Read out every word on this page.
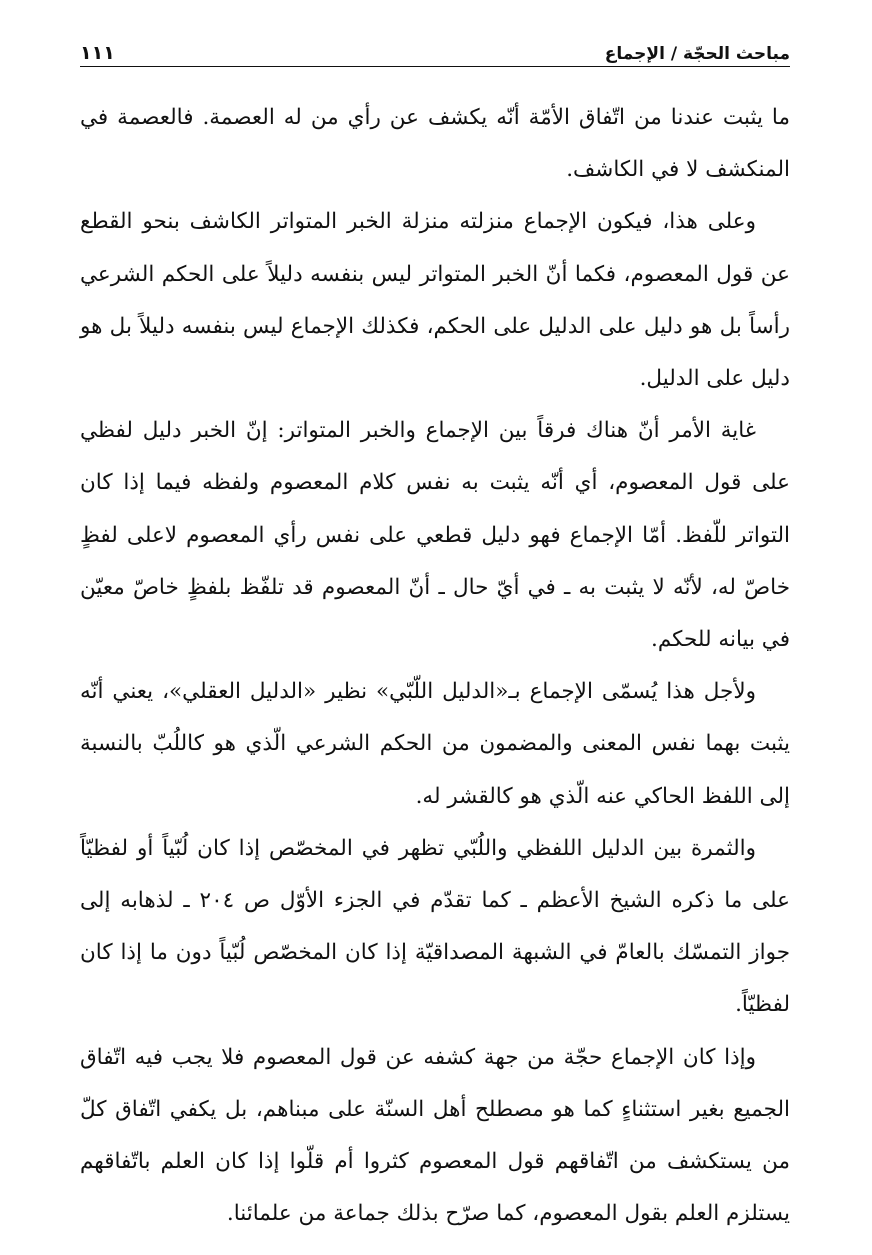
مباحث الحجّة / الإجماع
١١١

ما يثبت عندنا من اتّفاق الأمّة أنّه يكشف عن رأي من له العصمة. فالعصمة في المنكشف لا في الكاشف.

وعلى هذا، فيكون الإجماع منزلته منزلة الخبر المتواتر الكاشف بنحو القطع عن قول المعصوم، فكما أنّ الخبر المتواتر ليس بنفسه دليلاً على الحكم الشرعي رأساً بل هو دليل على الدليل على الحكم، فكذلك الإجماع ليس بنفسه دليلاً بل هو دليل على الدليل.

غاية الأمر أنّ هناك فرقاً بين الإجماع والخبر المتواتر: إنّ الخبر دليل لفظي على قول المعصوم، أي أنّه يثبت به نفس كلام المعصوم ولفظه فيما إذا كان التواتر للّفظ. أمّا الإجماع فهو دليل قطعي على نفس رأي المعصوم لاعلى لفظٍ خاصّ له، لأنّه لا يثبت به ـ في أيّ حال ـ أنّ المعصوم قد تلفّظ بلفظٍ خاصّ معيّن في بيانه للحكم.

ولأجل هذا يُسمّى الإجماع بـ«الدليل اللّبّي» نظير «الدليل العقلي»، يعني أنّه يثبت بهما نفس المعنى والمضمون من الحكم الشرعي الّذي هو كاللُبّ بالنسبة إلى اللفظ الحاكي عنه الّذي هو كالقشر له.

والثمرة بين الدليل اللفظي واللُبّي تظهر في المخصّص إذا كان لُبّياً أو لفظيّاً على ما ذكره الشيخ الأعظم ـ كما تقدّم في الجزء الأوّل ص ٢٠٤ ـ لذهابه إلى جواز التمسّك بالعامّ في الشبهة المصداقيّة إذا كان المخصّص لُبّياً دون ما إذا كان لفظيّاً.

وإذا كان الإجماع حجّة من جهة كشفه عن قول المعصوم فلا يجب فيه اتّفاق الجميع بغير استثناءٍ كما هو مصطلح أهل السنّة على مبناهم، بل يكفي اتّفاق كلّ من يستكشف من اتّفاقهم قول المعصوم كثروا أم قلّوا إذا كان العلم باتّفاقهم يستلزم العلم بقول المعصوم، كما صرّح بذلك جماعة من علمائنا.
